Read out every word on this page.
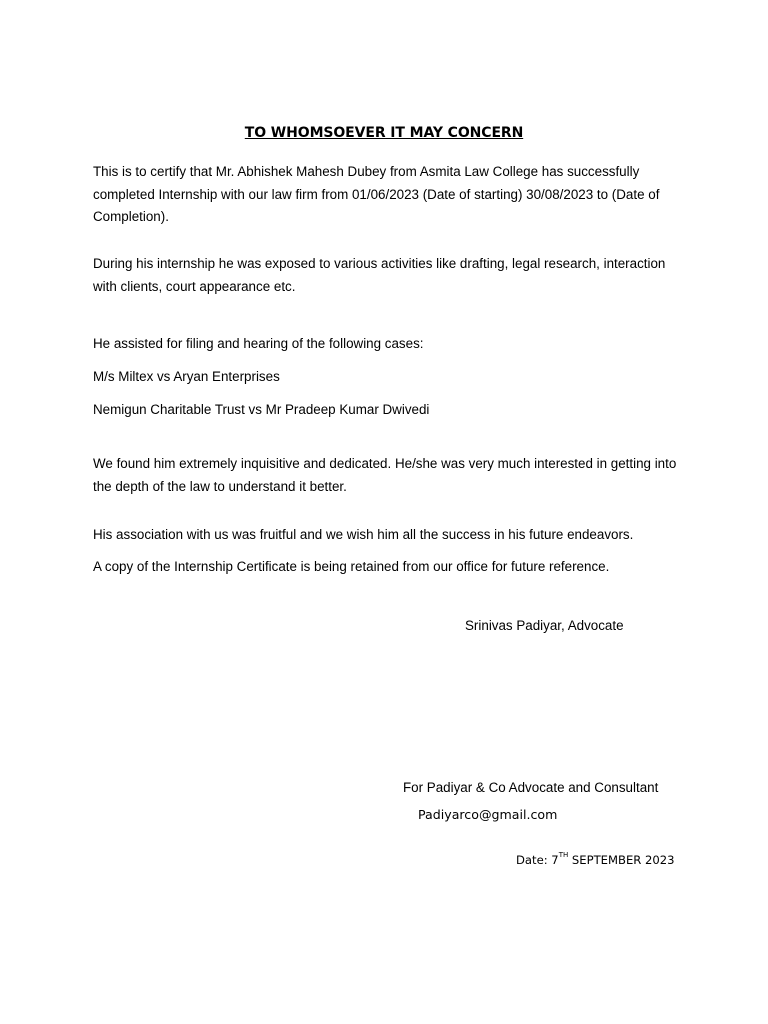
TO WHOMSOEVER IT MAY CONCERN

This is to certify that Mr. Abhishek Mahesh Dubey from Asmita Law College has successfully completed Internship with our law firm from 01/06/2023 (Date of starting) 30/08/2023 to (Date of Completion).

During his internship he was exposed to various activities like drafting, legal research, interaction with clients, court appearance etc.

He assisted for filing and hearing of the following cases:
M/s Miltex vs Aryan Enterprises
Nemigun Charitable Trust vs Mr Pradeep Kumar Dwivedi

We found him extremely inquisitive and dedicated. He/she was very much interested in getting into the depth of the law to understand it better.

His association with us was fruitful and we wish him all the success in his future endeavors.
A copy of the Internship Certificate is being retained from our office for future reference.
Srinivas Padiyar, Advocate
For Padiyar & Co Advocate and Consultant
Padiyarco@gmail.com
Date: 7TH SEPTEMBER 2023
